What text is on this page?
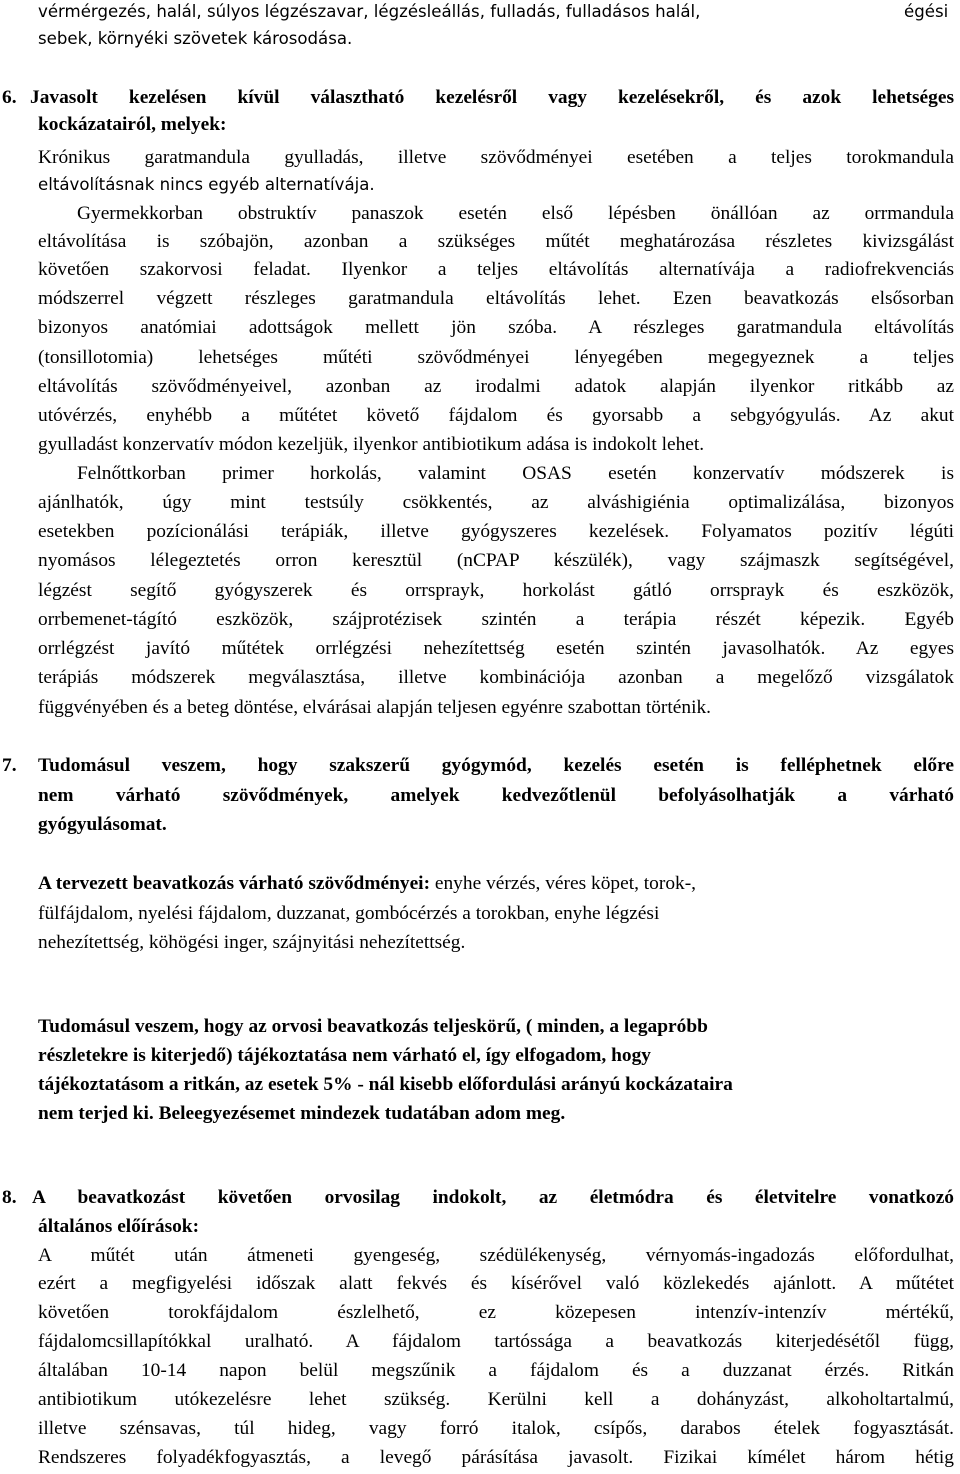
vérmérgezés, halál, súlyos légzészavar, légzésleállás, fulladás, fulladásos halál,	égési
sebek, környéki szövetek károsodása.
6. Javasolt kezelésen kívül választható kezelésről vagy kezelésekről, és azok lehetséges
kockázatairól, melyek:
Krónikus garatmandula gyulladás, illetve szövődményei esetében a teljes torokmandula
eltávolításnak nincs egyéb alternatívája.
Gyermekkorban obstruktív panaszok esetén első lépésben önállóan az orrmandula
eltávolítása is szóbajön, azonban a szükséges műtét meghatározása részletes kivizsgálást
követően szakorvosi feladat. Ilyenkor a teljes eltávolítás alternatívája a radiofrekvenciás
módszerrel végzett részleges garatmandula eltávolítás lehet. Ezen beavatkozás elsősorban
bizonyos anatómiai adottságok mellett jön szóba. A részleges garatmandula eltávolítás
(tonsillotomia) lehetséges műtéti szövődményei lényegében megegyeznek a teljes
eltávolítás szövődményeivel, azonban az irodalmi adatok alapján ilyenkor ritkább az
utóvérzés, enyhébb a műtétet követő fájdalom és gyorsabb a sebgyógyulás. Az akut
gyulladást konzervatív módon kezeljük, ilyenkor antibiotikum adása is indokolt lehet.
Felnőttkorban primer horkolás, valamint OSAS esetén konzervatív módszerek is
ajánlhatók, úgy mint testsúly csökkentés, az alváshigiénia optimalizálása, bizonyos
esetekben pozícionálási terápiák, illetve gyógyszeres kezelések. Folyamatos pozitív légúti
nyomásos lélegeztetés orron keresztül (nCPAP készülék), vagy szájmaszk segítségével,
légzést segítő gyógyszerek és orrsprayk, horkolást gátló orrsprayk és eszközök,
orrbemenet-tágító eszközök, szájprotézisek szintén a terápia részét képezik. Egyéb
orrlégzést javító műtétek orrlégzési nehezítettség esetén szintén javasolhatók. Az egyes
terápiás módszerek megválasztása, illetve kombinációja azonban a megelőző vizsgálatok
függvényében és a beteg döntése, elvárásai alapján teljesen egyénre szabottan történik.
7. Tudomásul veszem, hogy szakszerű gyógymód, kezelés esetén is felléphetnek előre
nem várható szövődmények, amelyek kedvezőtlenül befolyásolhatják a várható
gyógyulásomat.
A tervezett beavatkozás várható szövődményei: enyhe vérzés, véres köpet, torok-,
fülfájdalom, nyelési fájdalom, duzzanat, gombócérzés a torokban, enyhe légzési
nehezítettség, köhögési inger, szájnyitási nehezítettség.
Tudomásul veszem, hogy az orvosi beavatkozás teljeskörű, ( minden, a legapróbb
részletekre is kiterjedő) tájékoztatása nem várható el, így elfogadom, hogy
tájékoztatásom a ritkán, az esetek 5% - nál kisebb előfordulási arányú kockázataira
nem terjed ki. Beleegyezésemet mindezek tudatában adom meg.
8. A beavatkozást követően orvosilag indokolt, az életmódra és életvitelre vonatkozó
általános előírások:
A műtét után átmeneti gyengeség, szédülékenység, vérnyomás-ingadozás előfordulhat,
ezért a megfigyelési időszak alatt fekvés és kísérővel való közlekedés ajánlott. A műtétet
követően torokfájdalom észlelhető, ez közepesen intenzív-intenzív mértékű,
fájdalomcsillapítókkal uralható. A fájdalom tartóssága a beavatkozás kiterjedésétől függ,
általában 10-14 napon belül megszűnik a fájdalom és a duzzanat érzés. Ritkán
antibiotikum utókezelésre lehet szükség. Kerülni kell a dohányzást, alkoholtartalmú,
illetve szénsavas, túl hideg, vagy forró italok, csípős, darabos ételek fogyasztását.
Rendszeres folyadékfogyasztás, a levegő párásítása javasolt. Fizikai kímélet három hétig
